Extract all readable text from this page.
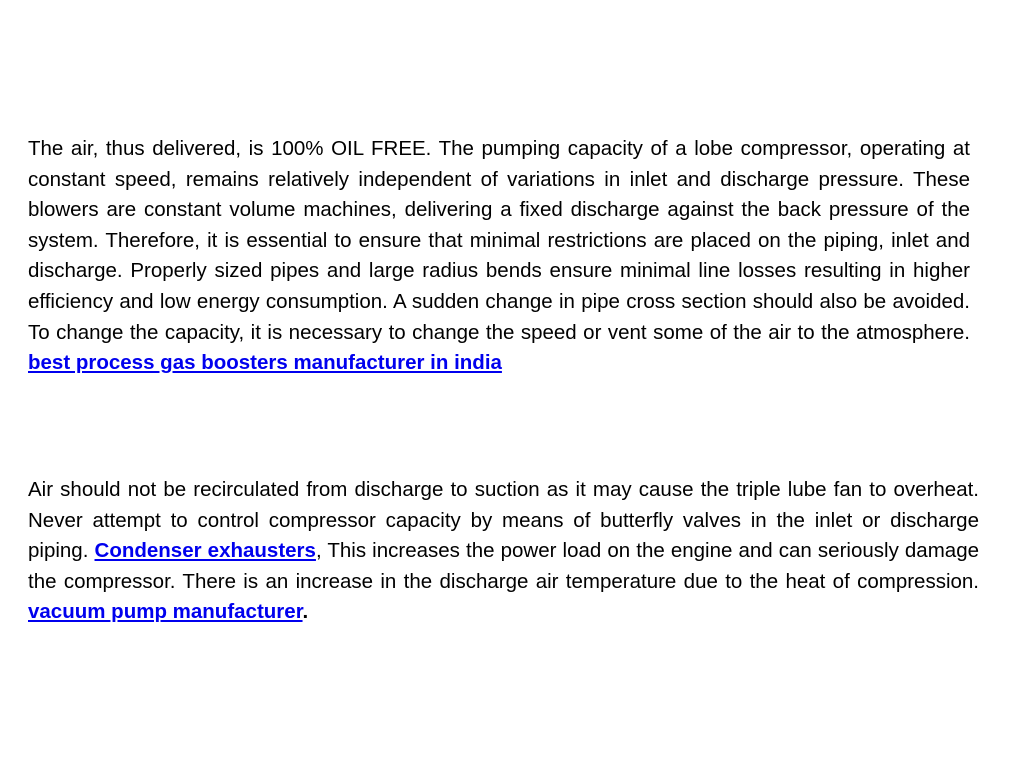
The air, thus delivered, is 100% OIL FREE. The pumping capacity of a lobe compressor, operating at constant speed, remains relatively independent of variations in inlet and discharge pressure. These blowers are constant volume machines, delivering a fixed discharge against the back pressure of the system. Therefore, it is essential to ensure that minimal restrictions are placed on the piping, inlet and discharge. Properly sized pipes and large radius bends ensure minimal line losses resulting in higher efficiency and low energy consumption. A sudden change in pipe cross section should also be avoided. To change the capacity, it is necessary to change the speed or vent some of the air to the atmosphere. best process gas boosters manufacturer in india

Air should not be recirculated from discharge to suction as it may cause the triple lube fan to overheat. Never attempt to control compressor capacity by means of butterfly valves in the inlet or discharge piping. Condenser exhausters, This increases the power load on the engine and can seriously damage the compressor. There is an increase in the discharge air temperature due to the heat of compression. vacuum pump manufacturer.
